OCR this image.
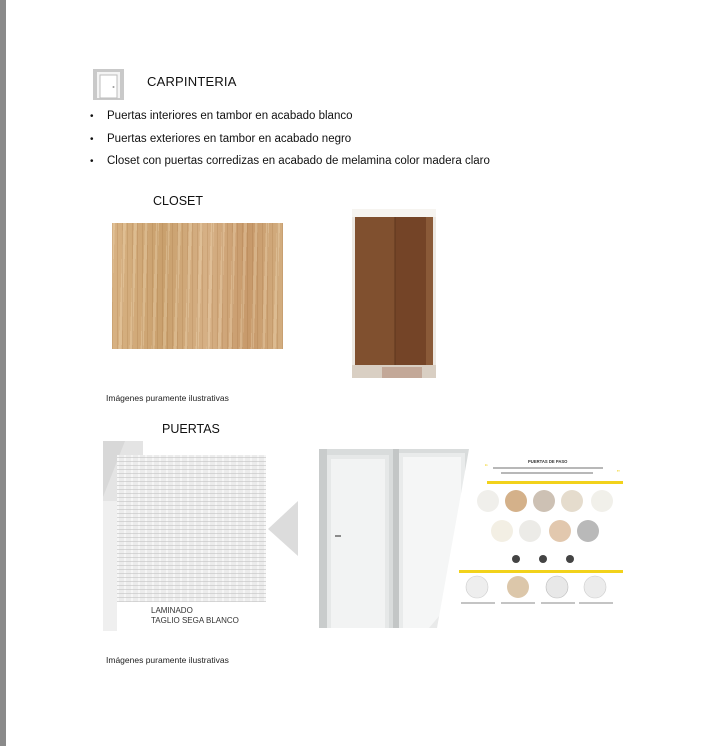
CARPINTERIA
• Puertas interiores en tambor en acabado blanco
• Puertas exteriores en tambor en acabado negro
• Closet con puertas corredizas en acabado de melamina color madera claro
CLOSET
Imágenes puramente ilustrativas
PUERTAS
LAMINADO
TAGLIO SEGA BLANCO
PUERTAS DE PASO
“
”
Imágenes puramente ilustrativas
